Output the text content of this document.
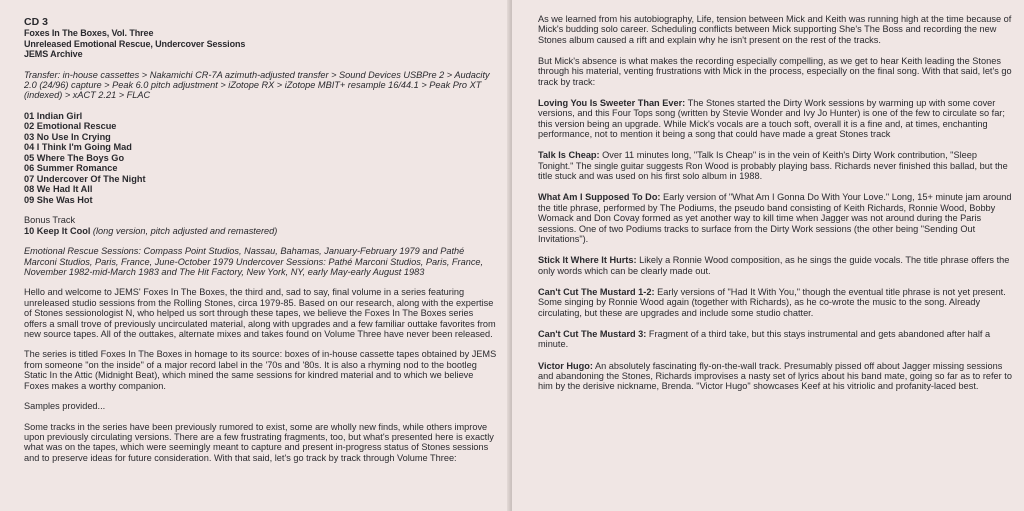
CD 3
Foxes In The Boxes, Vol. Three
Unreleased Emotional Rescue, Undercover Sessions
JEMS Archive

Transfer: in-house cassettes > Nakamichi CR-7A azimuth-adjusted transfer > Sound Devices USBPre 2 > Audacity 2.0 (24/96) capture > Peak 6.0 pitch adjustment > iZotope RX > iZotope MBIT+ resample 16/44.1 > Peak Pro XT (indexed) > xACT 2.21 > FLAC

01 Indian Girl
02 Emotional Rescue
03 No Use In Crying
04 I Think I'm Going Mad
05 Where The Boys Go
06 Summer Romance
07 Undercover Of The Night
08 We Had It All
09 She Was Hot
Bonus Track
10 Keep It Cool (long version, pitch adjusted and remastered)

Emotional Rescue Sessions: Compass Point Studios, Nassau, Bahamas, January-February 1979 and Pathé Marconi Studios, Paris, France, June-October 1979 Undercover Sessions: Pathé Marconi Studios, Paris, France, November 1982-mid-March 1983 and The Hit Factory, New York, NY, early May-early August 1983

Hello and welcome to JEMS' Foxes In The Boxes, the third and, sad to say, final volume in a series featuring unreleased studio sessions from the Rolling Stones, circa 1979-85. Based on our research, along with the expertise of Stones sessionologist N, who helped us sort through these tapes, we believe the Foxes In The Boxes series offers a small trove of previously uncirculated material, along with upgrades and a few familiar outtake favorites from new source tapes. All of the outtakes, alternate mixes and takes found on Volume Three have never been released.

The series is titled Foxes In The Boxes in homage to its source: boxes of in-house cassette tapes obtained by JEMS from someone "on the inside" of a major record label in the '70s and '80s. It is also a rhyming nod to the bootleg Static In the Attic (Midnight Beat), which mined the same sessions for kindred material and to which we believe Foxes makes a worthy companion.

Samples provided...

Some tracks in the series have been previously rumored to exist, some are wholly new finds, while others improve upon previously circulating versions. There are a few frustrating fragments, too, but what's presented here is exactly what was on the tapes, which were seemingly meant to capture and present in-progress status of Stones sessions and to preserve ideas for future consideration. With that said, let's go track by track through Volume Three:

As we learned from his autobiography, Life, tension between Mick and Keith was running high at the time because of Mick's budding solo career. Scheduling conflicts between Mick supporting She's The Boss and recording the new Stones album caused a rift and explain why he isn't present on the rest of the tracks.

But Mick's absence is what makes the recording especially compelling, as we get to hear Keith leading the Stones through his material, venting frustrations with Mick in the process, especially on the final song. With that said, let's go track by track:

Loving You Is Sweeter Than Ever: The Stones started the Dirty Work sessions by warming up with some cover versions, and this Four Tops song (written by Stevie Wonder and Ivy Jo Hunter) is one of the few to circulate so far; this version being an upgrade. While Mick's vocals are a touch soft, overall it is a fine and, at times, enchanting performance, not to mention it being a song that could have made a great Stones track

Talk Is Cheap: Over 11 minutes long, "Talk Is Cheap" is in the vein of Keith's Dirty Work contribution, "Sleep Tonight." The single guitar suggests Ron Wood is probably playing bass. Richards never finished this ballad, but the title stuck and was used on his first solo album in 1988.

What Am I Supposed To Do: Early version of "What Am I Gonna Do With Your Love." Long, 15+ minute jam around the title phrase, performed by The Podiums, the pseudo band consisting of Keith Richards, Ronnie Wood, Bobby Womack and Don Covay formed as yet another way to kill time when Jagger was not around during the Paris sessions. One of two Podiums tracks to surface from the Dirty Work sessions (the other being "Sending Out Invitations").

Stick It Where It Hurts: Likely a Ronnie Wood composition, as he sings the guide vocals. The title phrase offers the only words which can be clearly made out.

Can't Cut The Mustard 1-2: Early versions of "Had It With You," though the eventual title phrase is not yet present. Some singing by Ronnie Wood again (together with Richards), as he co-wrote the music to the song. Already circulating, but these are upgrades and include some studio chatter.

Can't Cut The Mustard 3: Fragment of a third take, but this stays instrumental and gets abandoned after half a minute.

Victor Hugo: An absolutely fascinating fly-on-the-wall track. Presumably pissed off about Jagger missing sessions and abandoning the Stones, Richards improvises a nasty set of lyrics about his band mate, going so far as to refer to him by the derisive nickname, Brenda. "Victor Hugo" showcases Keef at his vitriolic and profanity-laced best.
